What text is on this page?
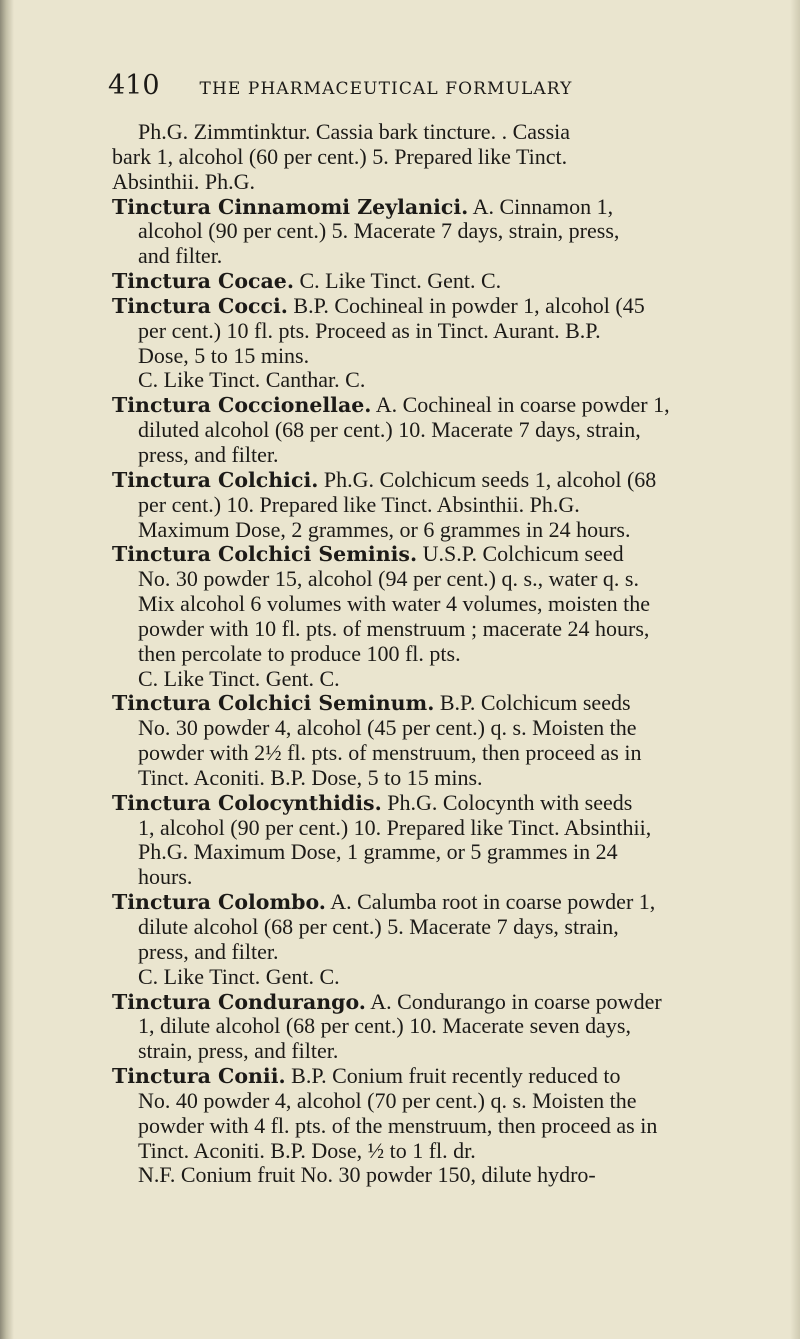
410 THE PHARMACEUTICAL FORMULARY
Ph.G. Zimmtinktur. Cassia bark tincture. . Cassia
bark 1, alcohol (60 per cent.) 5. Prepared like Tinct.
Absinthii. Ph.G.
Tinctura Cinnamomi Zeylanici. A. Cinnamon 1,
alcohol (90 per cent.) 5. Macerate 7 days, strain, press,
and filter.
Tinctura Cocae. C. Like Tinct. Gent. C.
Tinctura Cocci. B.P. Cochineal in powder 1, alcohol (45
per cent.) 10 fl. pts. Proceed as in Tinct. Aurant. B.P.
Dose, 5 to 15 mins.
C. Like Tinct. Canthar. C.
Tinctura Coccionellae. A. Cochineal in coarse powder 1,
diluted alcohol (68 per cent.) 10. Macerate 7 days, strain,
press, and filter.
Tinctura Colchici. Ph.G. Colchicum seeds 1, alcohol (68
per cent.) 10. Prepared like Tinct. Absinthii. Ph.G.
Maximum Dose, 2 grammes, or 6 grammes in 24 hours.
Tinctura Colchici Seminis. U.S.P. Colchicum seed
No. 30 powder 15, alcohol (94 per cent.) q. s., water q. s.
Mix alcohol 6 volumes with water 4 volumes, moisten the
powder with 10 fl. pts. of menstruum ; macerate 24 hours,
then percolate to produce 100 fl. pts.
C. Like Tinct. Gent. C.
Tinctura Colchici Seminum. B.P. Colchicum seeds
No. 30 powder 4, alcohol (45 per cent.) q. s. Moisten the
powder with 2½ fl. pts. of menstruum, then proceed as in
Tinct. Aconiti. B.P. Dose, 5 to 15 mins.
Tinctura Colocynthidis. Ph.G. Colocynth with seeds
1, alcohol (90 per cent.) 10. Prepared like Tinct. Absinthii,
Ph.G. Maximum Dose, 1 gramme, or 5 grammes in 24
hours.
Tinctura Colombo. A. Calumba root in coarse powder 1,
dilute alcohol (68 per cent.) 5. Macerate 7 days, strain,
press, and filter.
C. Like Tinct. Gent. C.
Tinctura Condurango. A. Condurango in coarse powder
1, dilute alcohol (68 per cent.) 10. Macerate seven days,
strain, press, and filter.
Tinctura Conii. B.P. Conium fruit recently reduced to
No. 40 powder 4, alcohol (70 per cent.) q. s. Moisten the
powder with 4 fl. pts. of the menstruum, then proceed as in
Tinct. Aconiti. B.P. Dose, ½ to 1 fl. dr.
N.F. Conium fruit No. 30 powder 150, dilute hydro-
